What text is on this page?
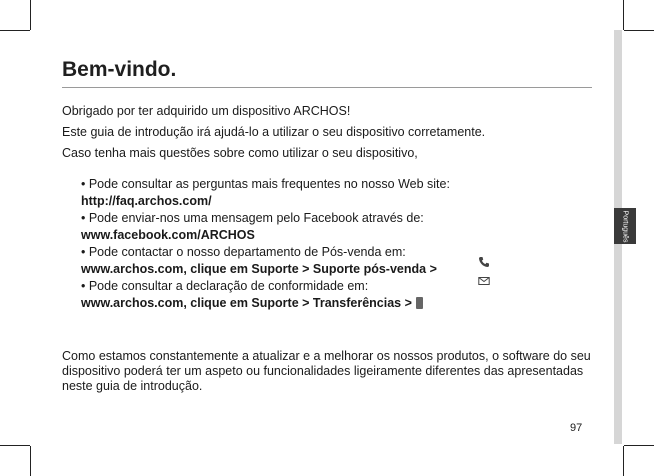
Português
Bem-vindo.
Obrigado por ter adquirido um dispositivo ARCHOS!
Este guia de introdução irá ajudá-lo a utilizar o seu dispositivo corretamente.
Caso tenha mais questões sobre como utilizar o seu dispositivo,
• Pode consultar as perguntas mais frequentes no nosso Web site:
http://faq.archos.com/
• Pode enviar-nos uma mensagem pelo Facebook através de:
www.facebook.com/ARCHOS
• Pode contactar o nosso departamento de Pós-venda em:
www.archos.com, clique em Suporte > Suporte pós-venda >
• Pode consultar a declaração de conformidade em:
www.archos.com, clique em Suporte > Transferências >
Como estamos constantemente a atualizar e a melhorar os nossos produtos, o software do seu dispositivo poderá ter um aspeto ou funcionalidades ligeiramente diferentes das apresentadas neste guia de introdução.
97
